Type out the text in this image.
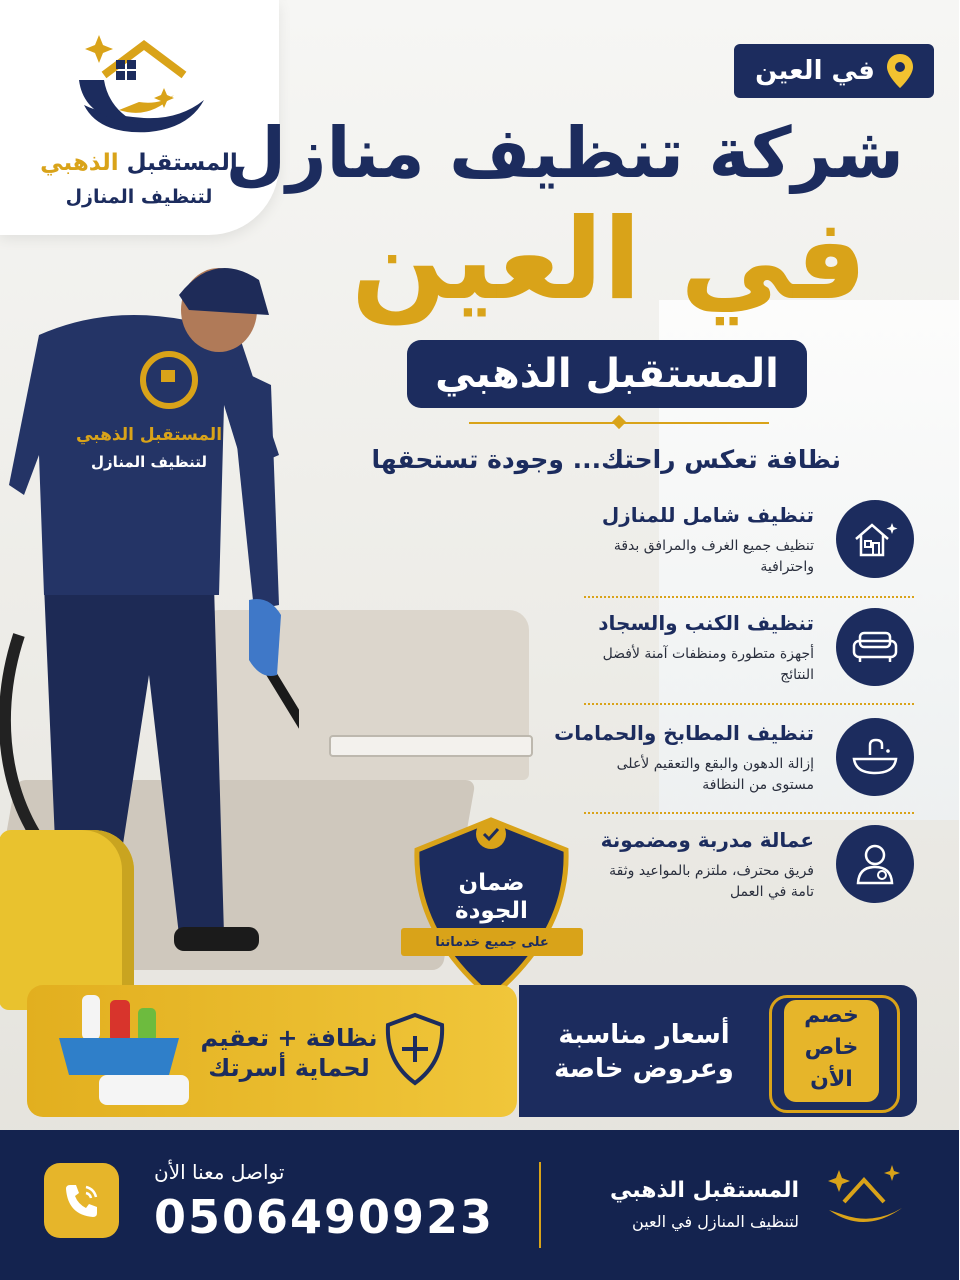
المستقبل الذهبي
لتنظيف المنازل
المستقبل الذهبي
لتنظيف المنازل
في العين
شركة تنظيف منازل
في العين
المستقبل الذهبي
نظافة تعكس راحتك... وجودة تستحقها
تنظيف شامل للمنازل
تنظيف جميع الغرف والمرافق بدقة واحترافية
تنظيف الكنب والسجاد
أجهزة متطورة ومنظفات آمنة لأفضل النتائج
تنظيف المطابخ والحمامات
إزالة الدهون والبقع والتعقيم لأعلى مستوى من النظافة
عمالة مدربة ومضمونة
فريق محترف، ملتزم بالمواعيد وثقة تامة في العمل
ضمان
الجودة
على جميع خدماتنا
نظافة + تعقيم
لحماية أسرتك
أسعار مناسبة
وعروض خاصة
خصم
خاص
الأن
تواصل معنا الأن
0506490923	المستقبل الذهبي
لتنظيف المنازل في العين
